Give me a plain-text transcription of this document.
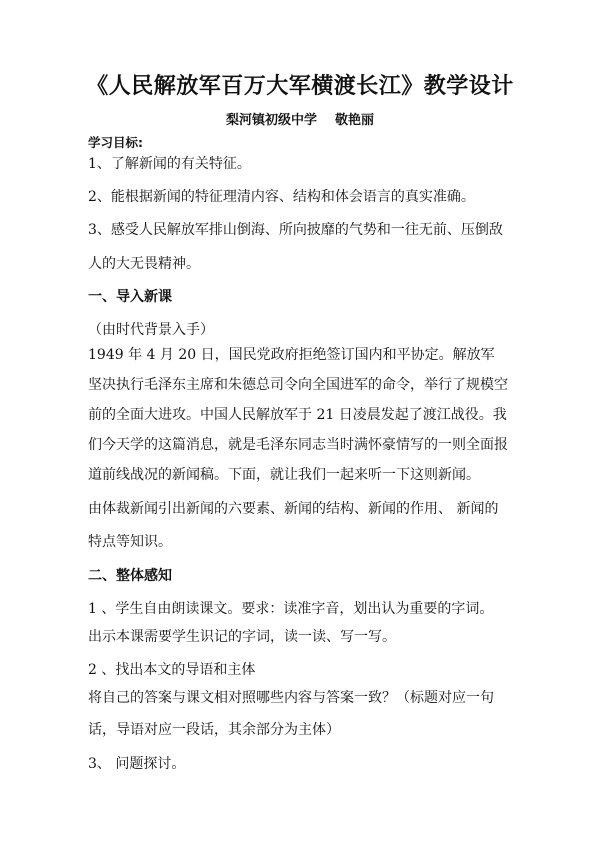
《人民解放军百万大军横渡长江》教学设计
梨河镇初级中学 敬艳丽
学习目标:
1、了解新闻的有关特征。
2、能根据新闻的特征理清内容、结构和体会语言的真实准确。
3、感受人民解放军排山倒海、所向披靡的气势和一往无前、压倒敌
人的大无畏精神。
一、导入新课
（由时代背景入手）
1949 年 4 月 20 日，国民党政府拒绝签订国内和平协定。解放军
坚决执行毛泽东主席和朱德总司令向全国进军的命令，举行了规模空
前的全面大进攻。中国人民解放军于 21 日凌晨发起了渡江战役。我
们今天学的这篇消息，就是毛泽东同志当时满怀豪情写的一则全面报
道前线战况的新闻稿。下面，就让我们一起来听一下这则新闻。
由体裁新闻引出新闻的六要素、新闻的结构、新闻的作用、 新闻的
特点等知识。
二、整体感知
1 、学生自由朗读课文。要求：读准字音，划出认为重要的字词。
出示本课需要学生识记的字词，读一读、写一写。
2 、找出本文的导语和主体
将自己的答案与课文相对照哪些内容与答案一致？（标题对应一句
话，导语对应一段话，其余部分为主体）
3、 问题探讨。
